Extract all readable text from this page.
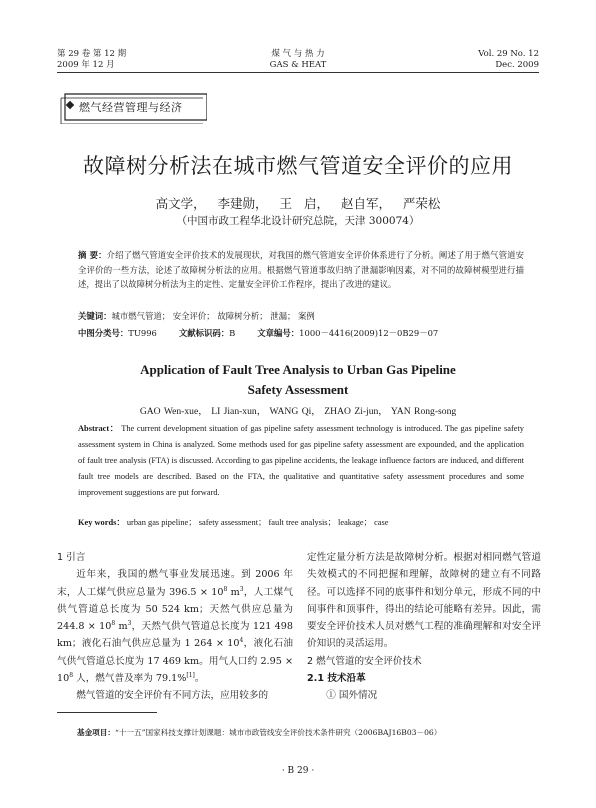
第 29 卷 第 12 期
2009 年 12 月
煤 气 与 热 力
GAS & HEAT
Vol. 29 No. 12
Dec. 2009
燃气经营管理与经济
故障树分析法在城市燃气管道安全评价的应用
高文学， 李建勋， 王 启， 赵自军， 严荣松
（中国市政工程华北设计研究总院，天津 300074）
摘 要：介绍了燃气管道安全评价技术的发展现状，对我国的燃气管道安全评价体系进行了分析。阐述了用于燃气管道安全评价的一些方法，论述了故障树分析法的应用。根据燃气管道事故归纳了泄漏影响因素，对不同的故障树模型进行描述，提出了以故障树分析法为主的定性、定量安全评价工作程序，提出了改进的建议。
关键词：城市燃气管道； 安全评价； 故障树分析； 泄漏； 案例
中图分类号：TU996	文献标识码：B	文章编号：1000－4416(2009)12－0B29－07
Application of Fault Tree Analysis to Urban Gas Pipeline
Safety Assessment
GAO Wen-xue， LI Jian-xun， WANG Qi， ZHAO Zi-jun， YAN Rong-song
Abstract： The current development situation of gas pipeline safety assessment technology is introduced. The gas pipeline safety assessment system in China is analyzed. Some methods used for gas pipeline safety assessment are expounded, and the application of fault tree analysis (FTA) is discussed. According to gas pipeline accidents, the leakage influence factors are induced, and different fault tree models are described. Based on the FTA, the qualitative and quantitative safety assessment procedures and some improvement suggestions are put forward.
Key words： urban gas pipeline； safety assessment； fault tree analysis； leakage； case
1 引言
近年来，我国的燃气事业发展迅速。到 2006 年末，人工煤气供应总量为 $396.5 \times 10^8$ $m^3$，人工煤气供气管道总长度为 50 524 km；天然气供应总量为 $244.8 \times 10^8$ $m^3$，天然气供气管道总长度为 121 498 km；液化石油气供应总量为 1 $264 \times 10^4$，液化石油气供气管道总长度为 17 469 km。用气人口约 $2.95 \times 10^8$ 人，燃气普及率为 79.1%[1]。
燃气管道的安全评价有不同方法，应用较多的
定性定量分析方法是故障树分析。根据对相同燃气管道失效模式的不同把握和理解，故障树的建立有不同路径。可以选择不同的底事件和划分单元，形成不同的中间事件和顶事件，得出的结论可能略有差异。因此，需要安全评价技术人员对燃气工程的准确理解和对安全评价知识的灵活运用。
2 燃气管道的安全评价技术
2.1 技术沿革
① 国外情况
基金项目：“十一五”国家科技支撑计划课题：城市市政管线安全评价技术条件研究（2006BAJ16B03－06）
· B 29 ·
